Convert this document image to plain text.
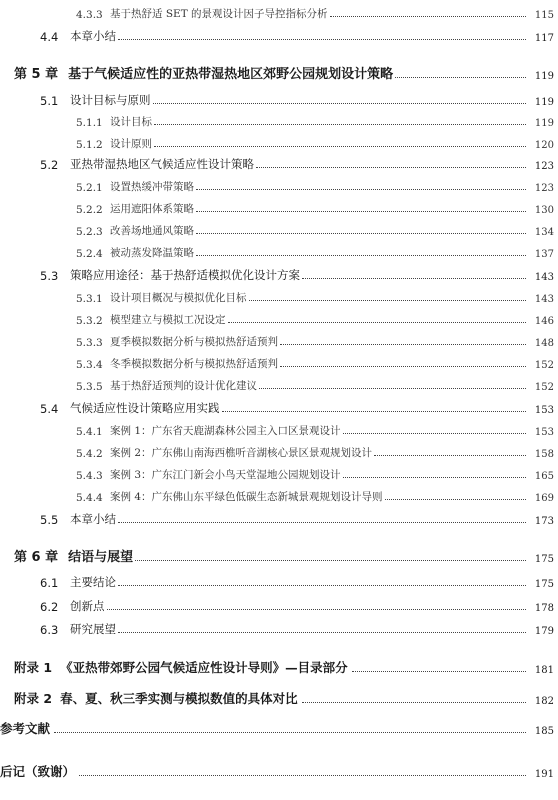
4.3.3 基于热舒适 SET 的景观设计因子导控指标分析	115
4.4	本章小结	117
第 5 章 基于气候适应性的亚热带湿热地区郊野公园规划设计策略	119
5.1	设计目标与原则	119
5.1.1 设计目标	119
5.1.2 设计原则	120
5.2	亚热带湿热地区气候适应性设计策略	123
5.2.1 设置热缓冲带策略	123
5.2.2 运用遮阳体系策略	130
5.2.3 改善场地通风策略	134
5.2.4 被动蒸发降温策略	137
5.3	策略应用途径：基于热舒适模拟优化设计方案	143
5.3.1 设计项目概况与模拟优化目标	143
5.3.2 模型建立与模拟工况设定	146
5.3.3 夏季模拟数据分析与模拟热舒适预判	148
5.3.4 冬季模拟数据分析与模拟热舒适预判	152
5.3.5 基于热舒适预判的设计优化建议	152
5.4	气候适应性设计策略应用实践	153
5.4.1 案例 1：广东省天鹿湖森林公园主入口区景观设计	153
5.4.2 案例 2：广东佛山南海西樵听音湖核心景区景观规划设计	158
5.4.3 案例 3：广东江门新会小鸟天堂湿地公园规划设计	165
5.4.4 案例 4：广东佛山东平绿色低碳生态新城景观规划设计导则	169
5.5	本章小结	173
第 6 章 结语与展望	175
6.1	主要结论	175
6.2	创新点	178
6.3	研究展望	179
附录 1 《亚热带郊野公园气候适应性设计导则》—目录部分	181
附录 2 春、夏、秋三季实测与模拟数值的具体对比	182
参考文献	185
后记（致谢）	191
